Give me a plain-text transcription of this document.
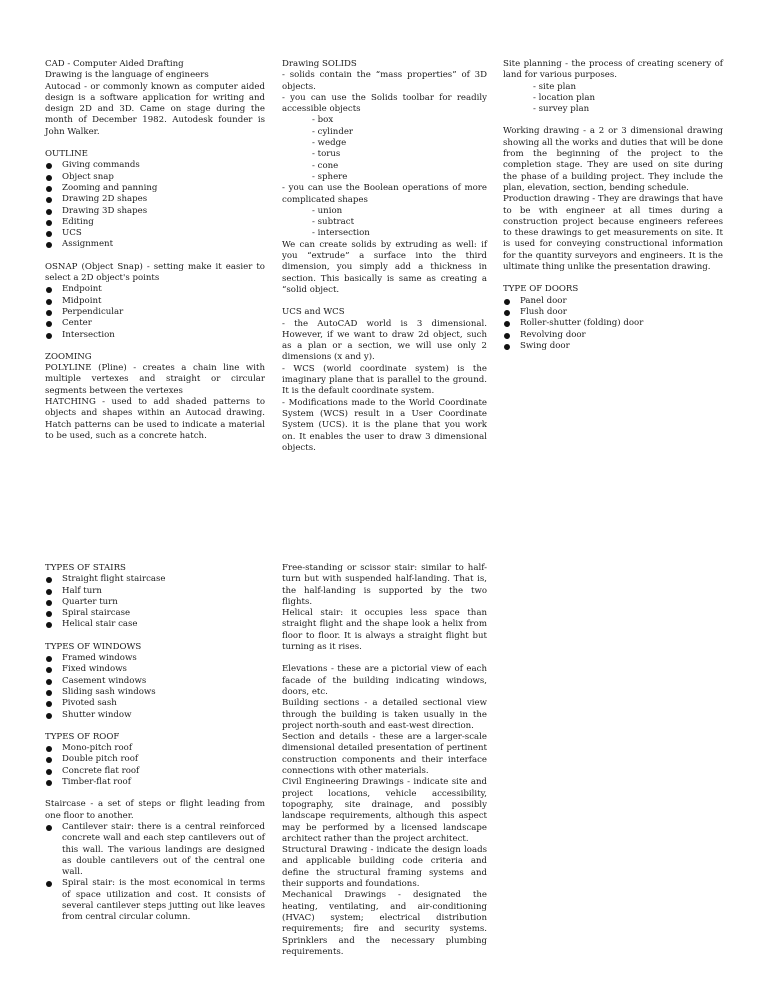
CAD - Computer Aided Drafting

Drawing is the language of engineers

Autocad - or commonly known as computer aided design is a software application for writing and design 2D and 3D. Came on stage during the month of December 1982. Autodesk founder is John Walker.

OUTLINE
Giving commands
Object snap
Zooming and panning
Drawing 2D shapes
Drawing 3D shapes
Editing
UCS
Assignment

OSNAP (Object Snap) - setting make it easier to select a 2D object's points

Endpoint
Midpoint
Perpendicular
Center
Intersection
ZOOMING

POLYLINE (Pline) - creates a chain line with multiple vertexes and straight or circular segments between the vertexes

HATCHING - used to add shaded patterns to objects and shapes within an Autocad drawing. Hatch patterns can be used to indicate a material to be used, such as a concrete hatch.

Drawing SOLIDS

- solids contain the “mass properties” of 3D objects.

- you can use the Solids toolbar for readily accessible objects

- box
- cylinder
- wedge
- torus
- cone
- sphere

- you can use the Boolean operations of more complicated shapes

- union
- subtract
- intersection

We can create solids by extruding as well: if you “extrude” a surface into the third dimension, you simply add a thickness in section. This basically is same as creating a “solid object.

UCS and WCS

- the AutoCAD world is 3 dimensional. However, if we want to draw 2d object, such as a plan or a section, we will use only 2 dimensions (x and y).

- WCS (world coordinate system) is the imaginary plane that is parallel to the ground. It is the default coordinate system.

- Modifications made to the World Coordinate System (WCS) result in a User Coordinate System (UCS). it is the plane that you work on. It enables the user to draw 3 dimensional objects.

Site planning - the process of creating scenery of land for various purposes.

- site plan
- location plan
- survey plan

Working drawing - a 2 or 3 dimensional drawing showing all the works and duties that will be done from the beginning of the project to the completion stage. They are used on site during the phase of a building project. They include the plan, elevation, section, bending schedule.

Production drawing - They are drawings that have to be with engineer at all times during a construction project because engineers referees to these drawings to get measurements on site. It is used for conveying constructional information for the quantity surveyors and engineers. It is the ultimate thing unlike the presentation drawing.

TYPE OF DOORS
Panel door
Flush door
Roller-shutter (folding) door
Revolving door
Swing door
TYPES OF STAIRS
Straight flight staircase
Half turn
Quarter turn
Spiral staircase
Helical stair case
TYPES OF WINDOWS
Framed windows
Fixed windows
Casement windows
Sliding sash windows
Pivoted sash
Shutter window
TYPES OF ROOF
Mono-pitch roof
Double pitch roof
Concrete flat roof
Timber-flat roof

Staircase - a set of steps or flight leading from one floor to another.

Cantilever stair: there is a central reinforced concrete wall and each step cantilevers out of this wall. The various landings are designed as double cantilevers out of the central one wall.
Spiral stair: is the most economical in terms of space utilization and cost. It consists of several cantilever steps jutting out like leaves from central circular column.

Free-standing or scissor stair: similar to half-turn but with suspended half-landing. That is, the half-landing is supported by the two flights.

Helical stair: it occupies less space than straight flight and the shape look a helix from floor to floor. It is always a straight flight but turning as it rises.

Elevations - these are a pictorial view of each facade of the building indicating windows, doors, etc.

Building sections - a detailed sectional view through the building is taken usually in the project north-south and east-west direction.

Section and details - these are a larger-scale dimensional detailed presentation of pertinent construction components and their interface connections with other materials.

Civil Engineering Drawings - indicate site and project locations, vehicle accessibility, topography, site drainage, and possibly landscape requirements, although this aspect may be performed by a licensed landscape architect rather than the project architect.

Structural Drawing - indicate the design loads and applicable building code criteria and define the structural framing systems and their supports and foundations.

Mechanical Drawings - designated the heating, ventilating, and air-conditioning (HVAC) system; electrical distribution requirements; fire and security systems. Sprinklers and the necessary plumbing requirements.
